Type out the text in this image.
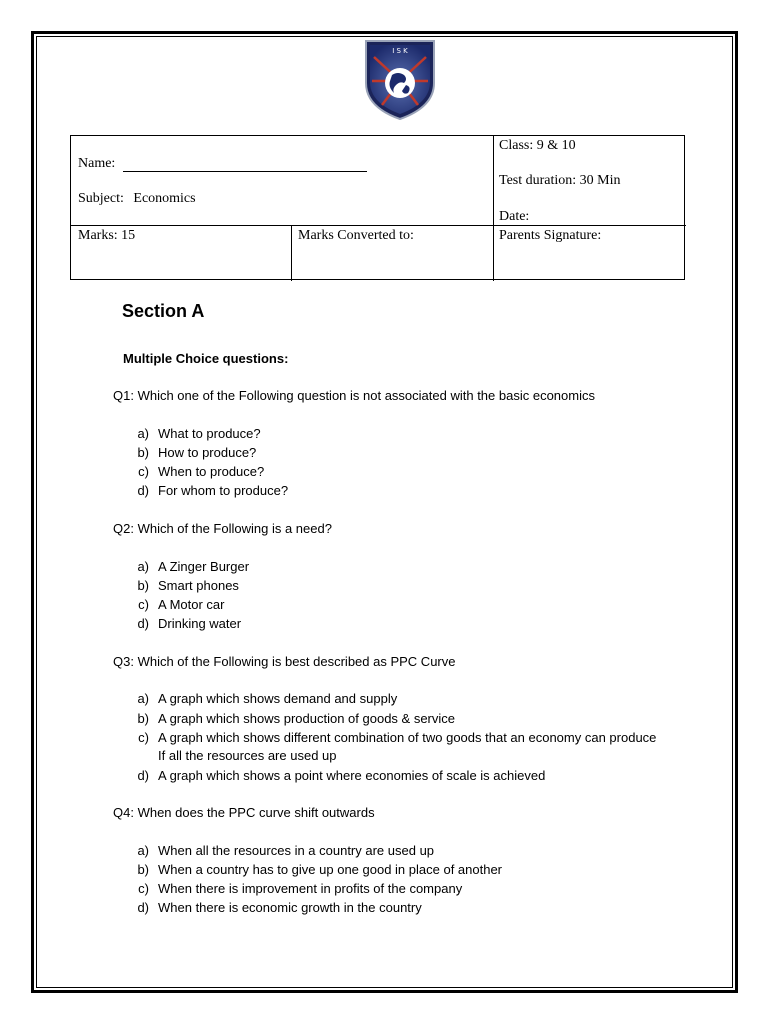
I S K
Name:
Subject: Economics
Class: 9 & 10
Test duration: 30 Min
Date:
Marks: 15	Marks Converted to:	Parents Signature:
Section A
Multiple Choice questions:
Q1: Which one of the Following question is not associated with the basic economics
a) What to produce?
b) How to produce?
c) When to produce?
d) For whom to produce?
Q2: Which of the Following is a need?
a) A Zinger Burger
b) Smart phones
c) A Motor car
d) Drinking water
Q3: Which of the Following is best described as PPC Curve
a) A graph which shows demand and supply
b) A graph which shows production of goods & service
c) A graph which shows different combination of two goods that an economy can produce
If all the resources are used up
d) A graph which shows a point where economies of scale is achieved
Q4: When does the PPC curve shift outwards
a) When all the resources in a country are used up
b) When a country has to give up one good in place of another
c) When there is improvement in profits of the company
d) When there is economic growth in the country
